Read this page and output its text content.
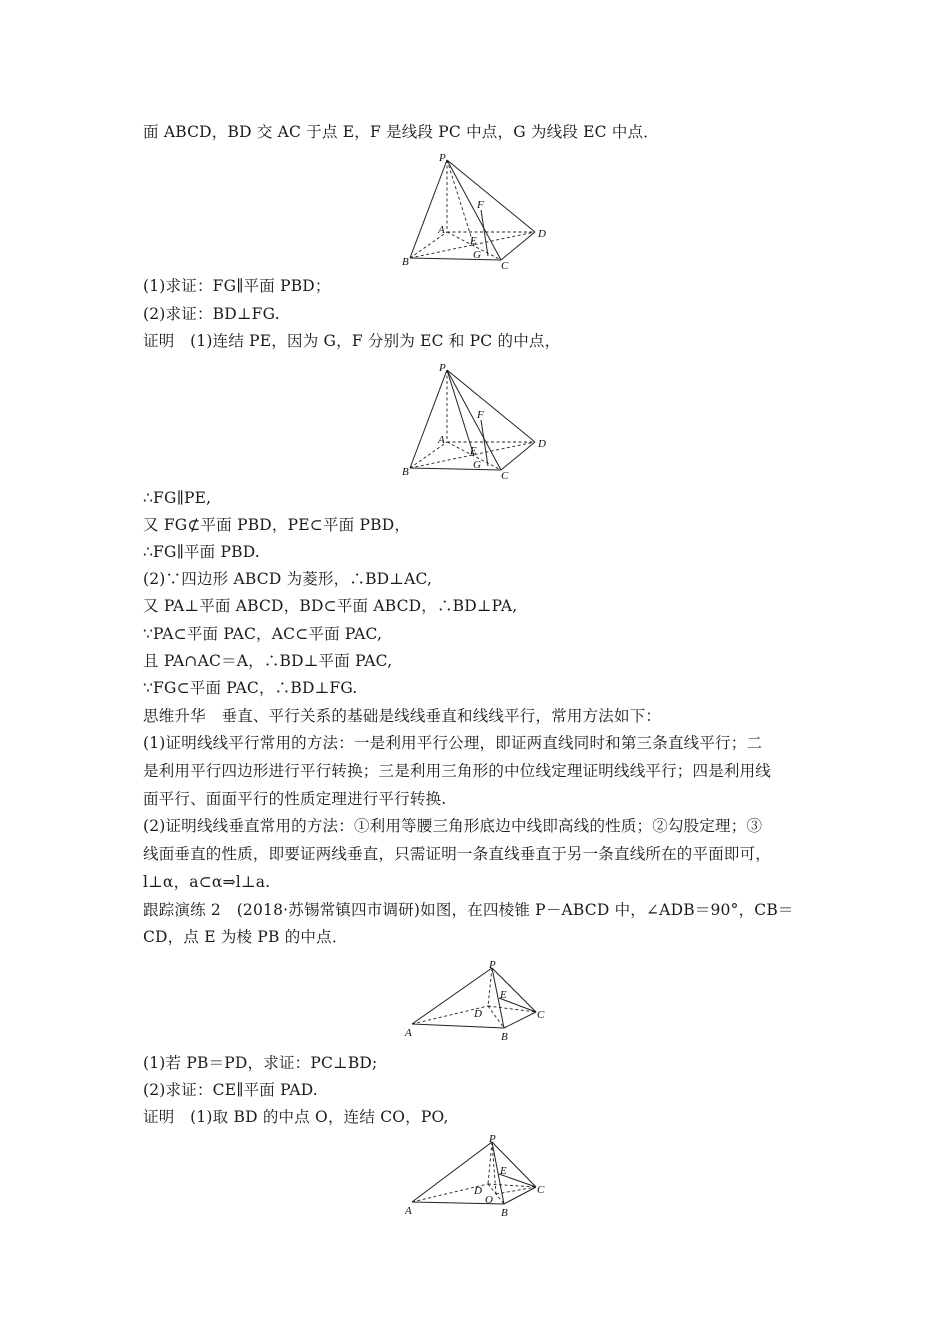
面 ABCD，BD 交 AC 于点 E，F 是线段 PC 中点，G 为线段 EC 中点．
P
F
A
E
D
B
G
C
(1)求证：FG∥平面 PBD；
(2)求证：BD⊥FG.
证明　(1)连结 PE，因为 G，F 分别为 EC 和 PC 的中点，
P
F
A
E
D
B
G
C
∴FG∥PE,
又 FG⊄平面 PBD，PE⊂平面 PBD，
∴FG∥平面 PBD.
(2)∵四边形 ABCD 为菱形，∴BD⊥AC,
又 PA⊥平面 ABCD，BD⊂平面 ABCD，∴BD⊥PA,
∵PA⊂平面 PAC，AC⊂平面 PAC,
且 PA∩AC＝A，∴BD⊥平面 PAC,
∵FG⊂平面 PAC，∴BD⊥FG.
思维升华　垂直、平行关系的基础是线线垂直和线线平行，常用方法如下：
(1)证明线线平行常用的方法：一是利用平行公理，即证两直线同时和第三条直线平行；二
是利用平行四边形进行平行转换；三是利用三角形的中位线定理证明线线平行；四是利用线
面平行、面面平行的性质定理进行平行转换.
(2)证明线线垂直常用的方法：①利用等腰三角形底边中线即高线的性质；②勾股定理；③
线面垂直的性质，即要证两线垂直，只需证明一条直线垂直于另一条直线所在的平面即可，
l⊥α，a⊂α⇒l⊥a.
跟踪演练 2　(2018·苏锡常镇四市调研)如图，在四棱锥 P－ABCD 中，∠ADB＝90°，CB＝
CD，点 E 为棱 PB 的中点．
P
E
D	C
A	B
(1)若 PB＝PD，求证：PC⊥BD;
(2)求证：CE∥平面 PAD.
证明　(1)取 BD 的中点 O，连结 CO，PO,
P
E
D
O
C
A	B
